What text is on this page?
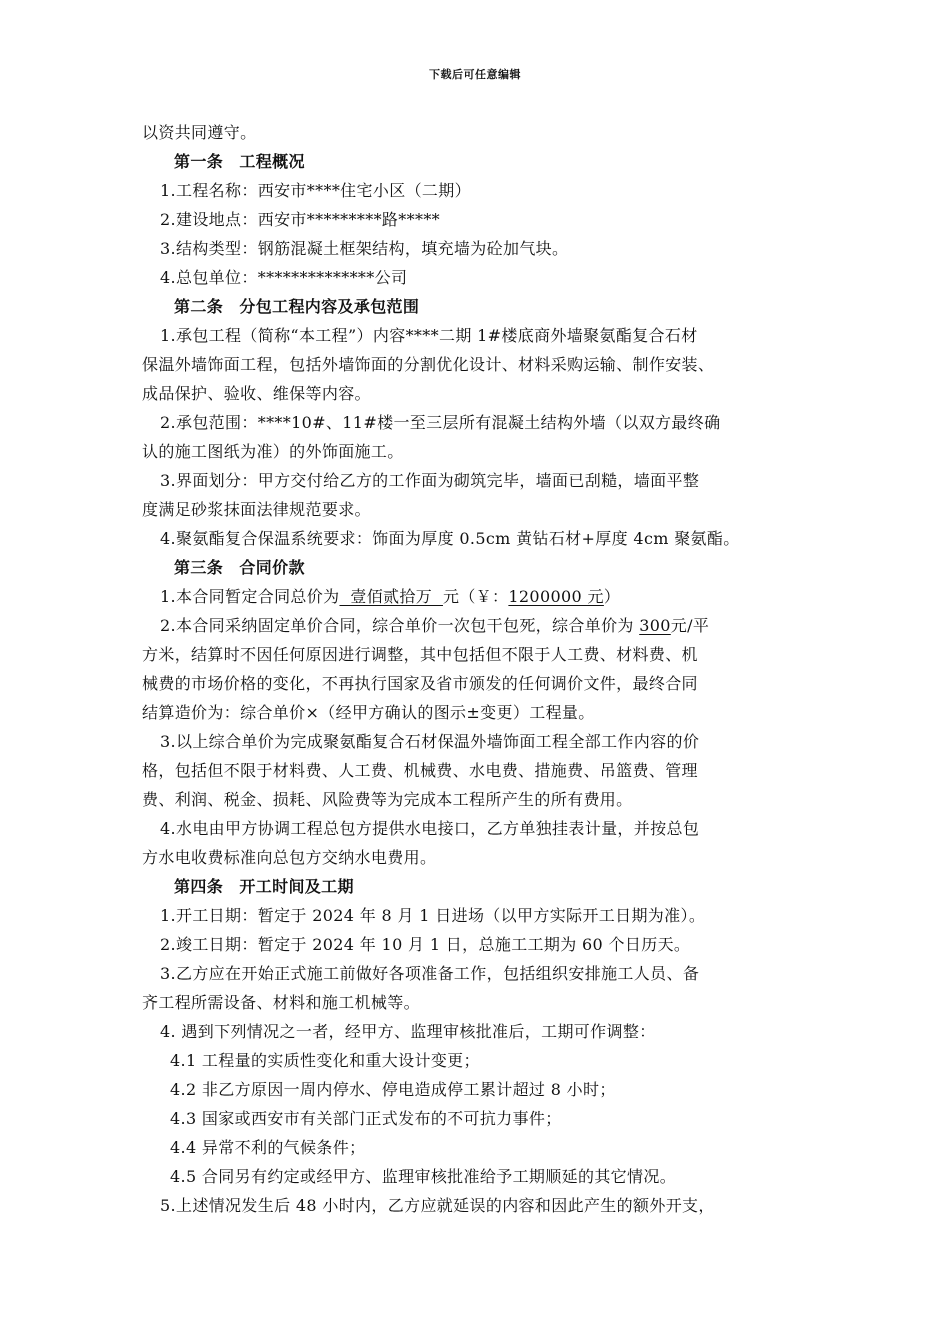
下载后可任意编辑
以资共同遵守。
第一条　工程概况
1.工程名称：西安市****住宅小区（二期）
2.建设地点：西安市*********路*****
3.结构类型：钢筋混凝土框架结构，填充墙为砼加气块。
4.总包单位：**************公司
第二条　分包工程内容及承包范围
1.承包工程（简称“本工程”）内容****二期 1#楼底商外墙聚氨酯复合石材
保温外墙饰面工程，包括外墙饰面的分割优化设计、材料采购运输、制作安装、
成品保护、验收、维保等内容。
2.承包范围：****10#、11#楼一至三层所有混凝土结构外墙（以双方最终确
认的施工图纸为准）的外饰面施工。
3.界面划分：甲方交付给乙方的工作面为砌筑完毕，墙面已刮糙，墙面平整
度满足砂浆抹面法律规范要求。
4.聚氨酯复合保温系统要求：饰面为厚度 0.5cm 黄钻石材+厚度 4cm 聚氨酯。
第三条　合同价款
1.本合同暂定合同总价为  壹佰贰拾万  元（￥：1200000 元）
2.本合同采纳固定单价合同，综合单价一次包干包死，综合单价为 300元/平
方米，结算时不因任何原因进行调整，其中包括但不限于人工费、材料费、机
械费的市场价格的变化，不再执行国家及省市颁发的任何调价文件，最终合同
结算造价为：综合单价×（经甲方确认的图示±变更）工程量。
3.以上综合单价为完成聚氨酯复合石材保温外墙饰面工程全部工作内容的价
格，包括但不限于材料费、人工费、机械费、水电费、措施费、吊篮费、管理
费、利润、税金、损耗、风险费等为完成本工程所产生的所有费用。
4.水电由甲方协调工程总包方提供水电接口，乙方单独挂表计量，并按总包
方水电收费标准向总包方交纳水电费用。
第四条　开工时间及工期
1.开工日期：暂定于 2024 年 8 月 1 日进场（以甲方实际开工日期为准）。
2.竣工日期：暂定于 2024 年 10 月 1 日，总施工工期为 60 个日历天。
3.乙方应在开始正式施工前做好各项准备工作，包括组织安排施工人员、备
齐工程所需设备、材料和施工机械等。
4. 遇到下列情况之一者，经甲方、监理审核批准后，工期可作调整：
4.1 工程量的实质性变化和重大设计变更；
4.2 非乙方原因一周内停水、停电造成停工累计超过 8 小时；
4.3 国家或西安市有关部门正式发布的不可抗力事件；
4.4 异常不利的气候条件；
4.5 合同另有约定或经甲方、监理审核批准给予工期顺延的其它情况。
5.上述情况发生后 48 小时内，乙方应就延误的内容和因此产生的额外开支，
